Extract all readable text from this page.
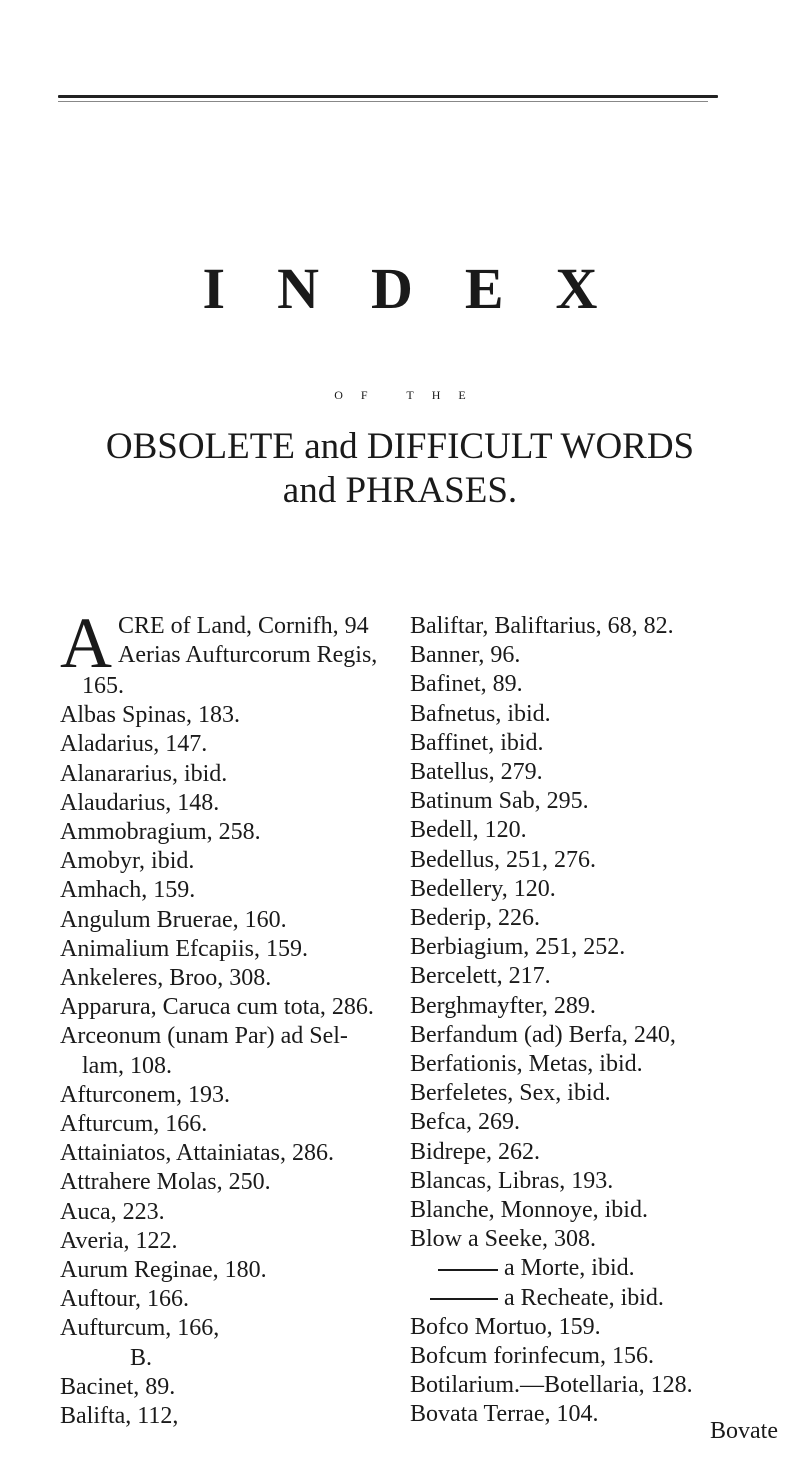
INDEX
OF THE
OBSOLETE and DIFFICULT WORDS
and PHRASES.
A CRE of Land, Cornifh, 94
Aerias Aufturcorum Regis,
165.
Albas Spinas, 183.
Aladarius, 147.
Alanararius, ibid.
Alaudarius, 148.
Ammobragium, 258.
Amobyr, ibid.
Amhach, 159.
Angulum Bruerae, 160.
Animalium Efcapiis, 159.
Ankeleres, Broo, 308.
Apparura, Caruca cum tota, 286.
Arceonum (unam Par) ad Sel-
lam, 108.
Afturconem, 193.
Afturcum, 166.
Attainiatos, Attainiatas, 286.
Attrahere Molas, 250.
Auca, 223.
Averia, 122.
Aurum Reginae, 180.
Auftour, 166.
Aufturcum, 166,
B.
Bacinet, 89.
Balifta, 112,
Baliftar, Baliftarius, 68, 82.
Banner, 96.
Bafinet, 89.
Bafnetus, ibid.
Baffinet, ibid.
Batellus, 279.
Batinum Sab, 295.
Bedell, 120.
Bedellus, 251, 276.
Bedellery, 120.
Bederip, 226.
Berbiagium, 251, 252.
Bercelett, 217.
Berghmayfter, 289.
Berfandum (ad) Berfa, 240,
Berfationis, Metas, ibid.
Berfeletes, Sex, ibid.
Befca, 269.
Bidrepe, 262.
Blancas, Libras, 193.
Blanche, Monnoye, ibid.
Blow a Seeke, 308.
a Morte, ibid.
a Recheate, ibid.
Bofco Mortuo, 159.
Bofcum forinfecum, 156.
Botilarium.—Botellaria, 128.
Bovata Terrae, 104.
Bovate
